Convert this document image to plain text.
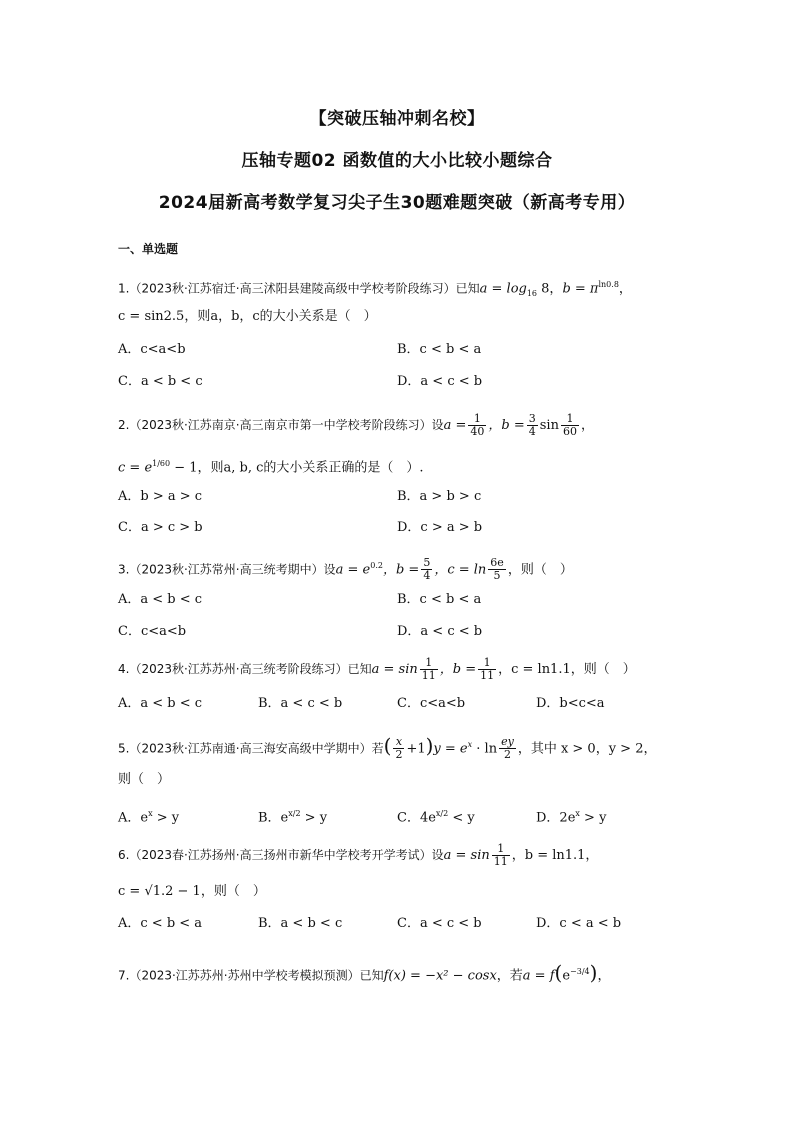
【突破压轴冲刺名校】
压轴专题02 函数值的大小比较小题综合
2024届新高考数学复习尖子生30题难题突破（新高考专用）
一、单选题
1.（2023秋·江苏宿迁·高三沭阳县建陵高级中学校考阶段练习）已知$a = \log_{16} 8$，$b = \pi^{ln0.8}$，
c = sin2.5，则a，b，c的大小关系是（　）
A．c<a<b	B．c < b < a
C．a < b < c	D．a < c < b
2.（2023秋·江苏南京·高三南京市第一中学校考阶段练习）设$a = \frac{1}{40}$ ，$b = \frac{3}{4}$ $\sin \frac{1}{60}$ ，
$c = e^{1/60} - 1$，则a, b, c的大小关系正确的是（　）.
A．b > a > c	B．a > b > c
C．a > c > b	D．c > a > b
3.（2023秋·江苏常州·高三统考期中）设$a = e^{0.2}$，$b = \frac{5}{4}$ ，$c = \ln \frac{6e}{5}$ ，则（　）
A．a < b < c	B．c < b < a
C．c<a<b	D．a < c < b
4.（2023秋·江苏苏州·高三统考阶段练习）已知$a = \sin \frac{1}{11}$ ，$b = \frac{1}{11}$ ，c = ln1.1，则（　）
A．a < b < c	B．a < c < b	C．c<a<b	D．b<c<a
5.（2023秋·江苏南通·高三海安高级中学期中）若( $\frac{x}{2} +1)y = e^x \cdot \ln \frac{ey}{2}$ ，其中 x > 0，y > 2，
则（　）
A．$e^x > y$	B．$e^{x/2} > y$	C．$4e^{x/2} < y$	D．$2e^x > y$
6.（2023春·江苏扬州·高三扬州市新华中学校考开学考试）设$a = \sin \frac{1}{11}$ ，b = ln1.1，
c = √1.2 − 1，则（　）
A．c < b < a	B．a < b < c	C．a < c < b	D．c < a < b
7.（2023·江苏苏州·苏州中学校考模拟预测）已知f(x) = −x² − cosx，若$a = f(e^{-3/4})$，
